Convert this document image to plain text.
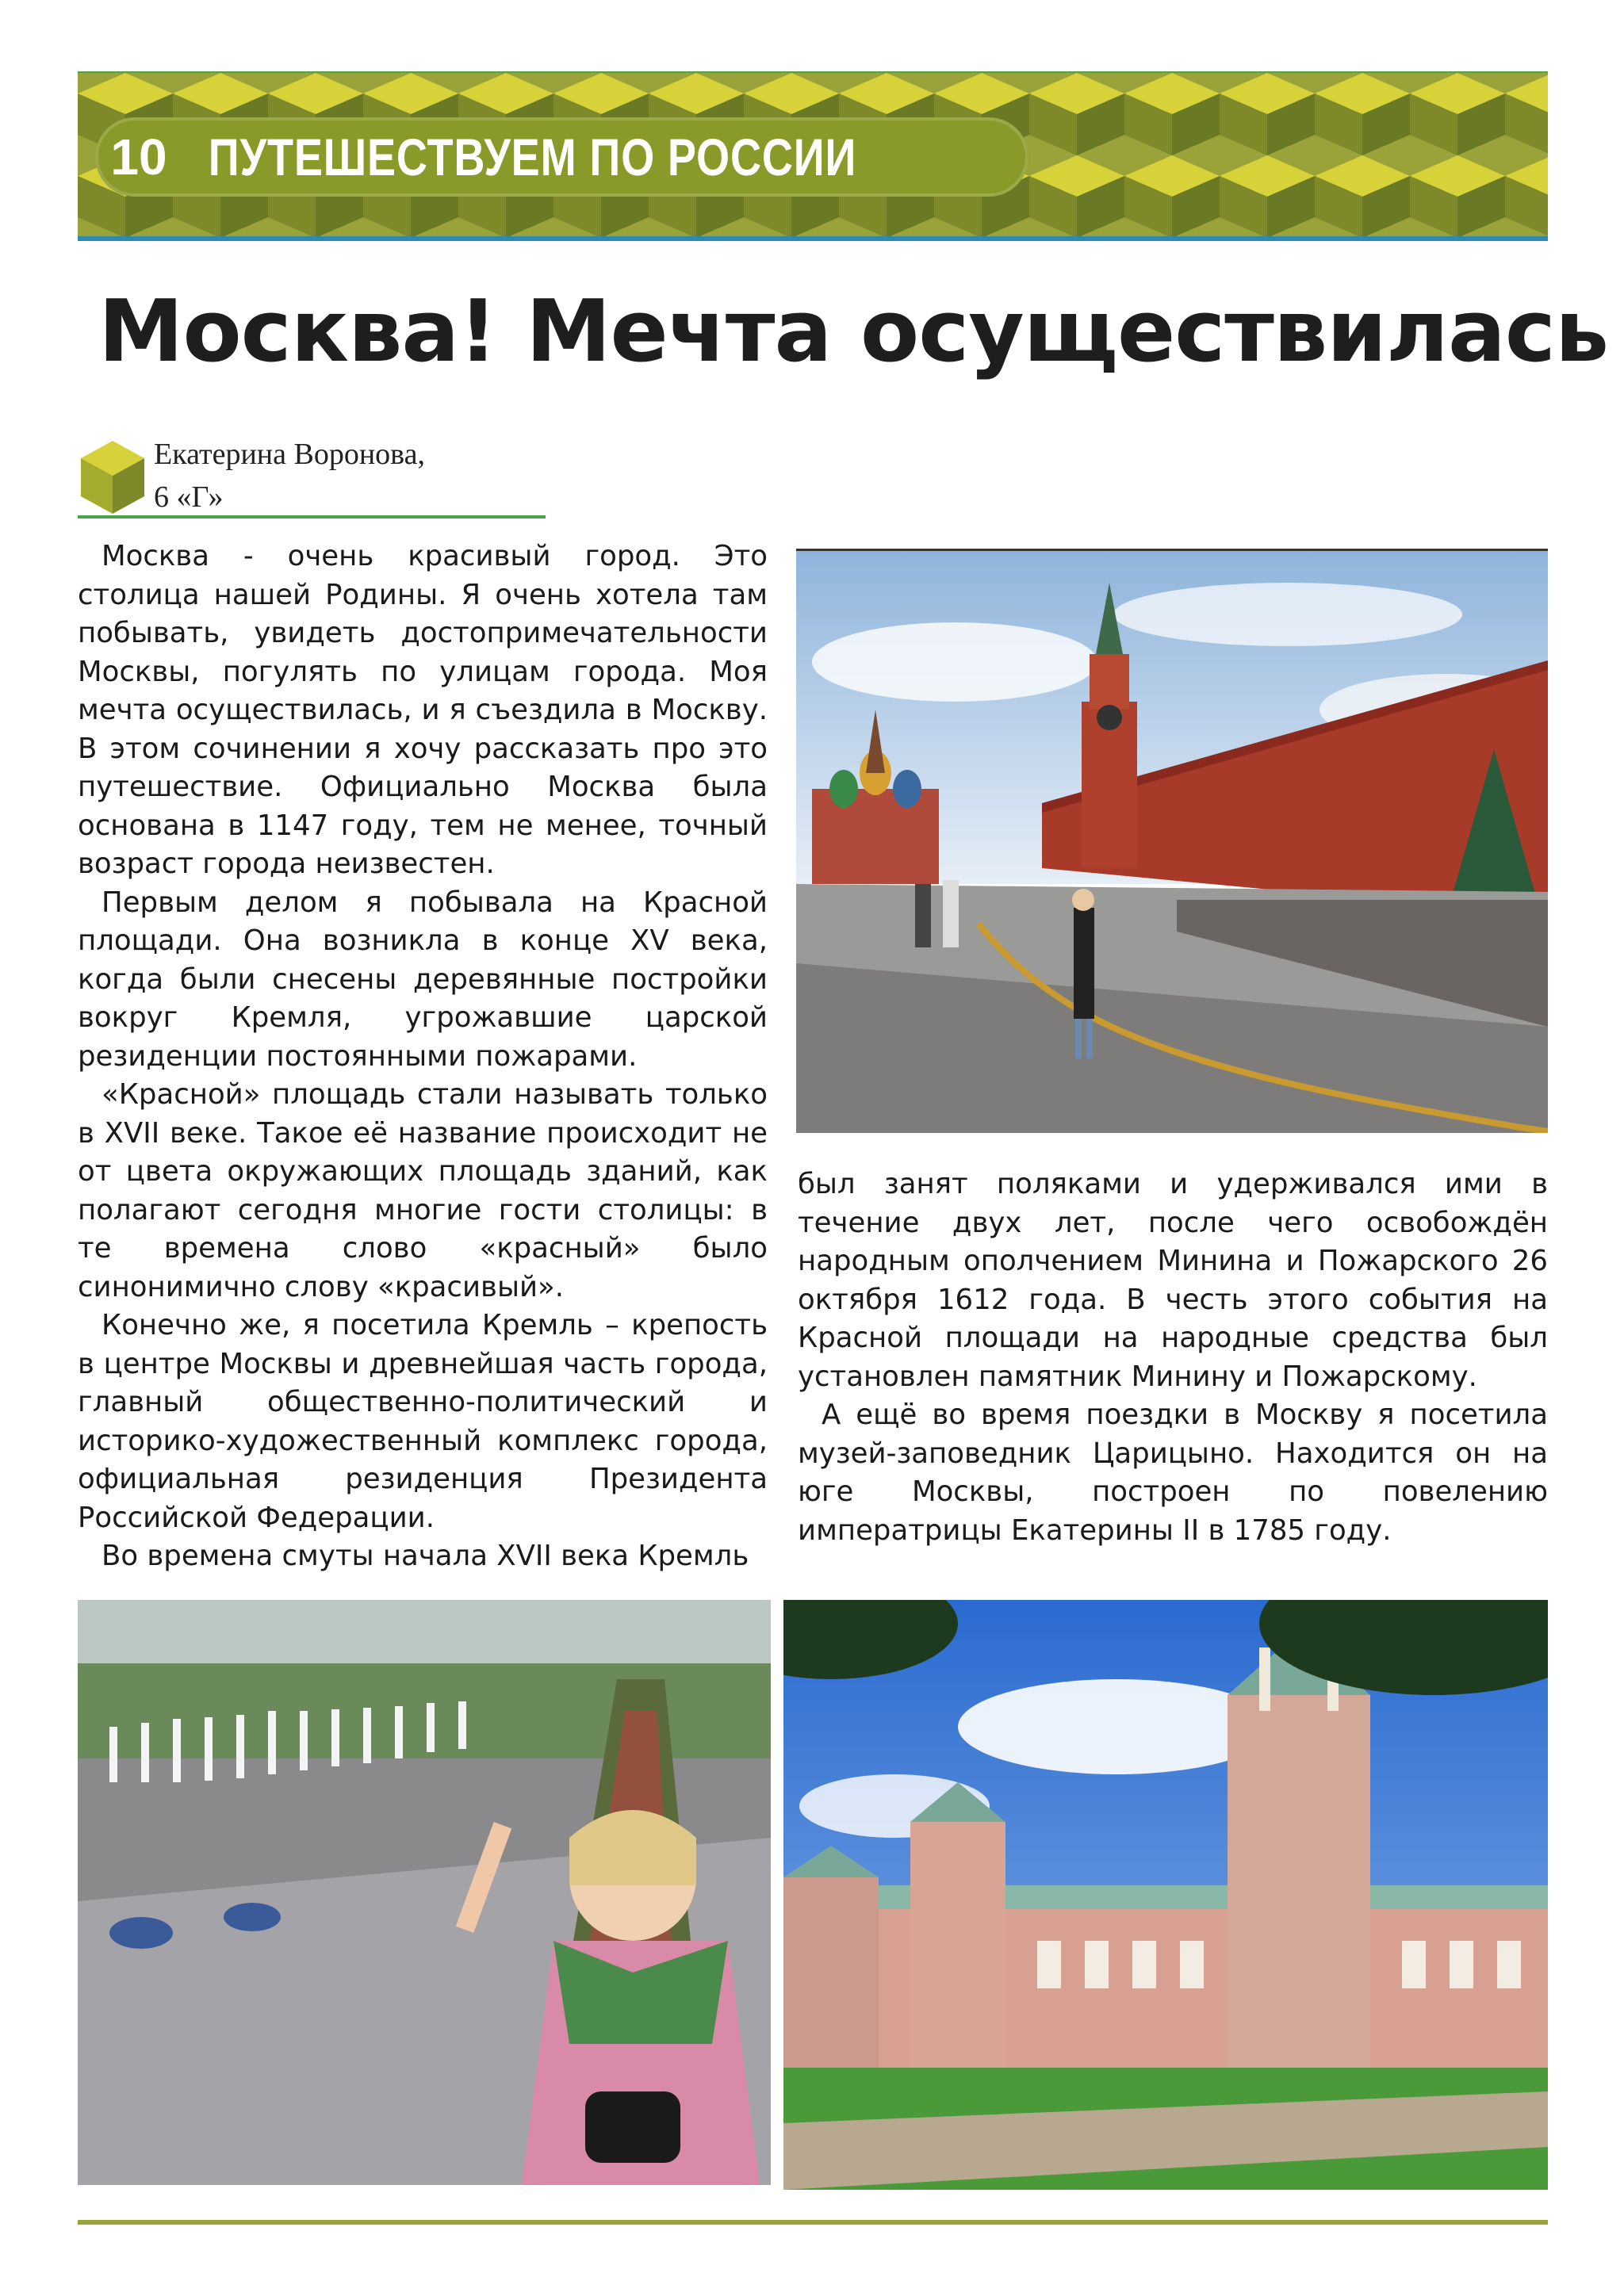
10 ПУТЕШЕСТВУЕМ ПО РОССИИ
Москва! Мечта осуществилась
Екатерина Воронова,
6 «Г»

Москва - очень красивый город. Это столица нашей Родины. Я очень хотела там побывать, увидеть достопримечательности Москвы, погулять по улицам города. Моя мечта осуществилась, и я съездила в Москву. В этом сочинении я хочу рассказать про это путешествие. Официально Москва была основана в 1147 году, тем не менее, точный возраст города неизвестен.

Первым делом я побывала на Красной площади. Она возникла в конце XV века, когда были снесены деревянные постройки вокруг Кремля, угрожавшие царской резиденции постоянными пожарами.

«Красной» площадь стали называть только в XVII веке. Такое её название происходит не от цвета окружающих площадь зданий, как полагают сегодня многие гости столицы: в те времена слово «красный» было синонимично слову «красивый».

Конечно же, я посетила Кремль – крепость в центре Москвы и древнейшая часть города, главный общественно-политический и историко-художественный комплекс города, официальная резиденция Президента Российской Федерации.

Во времена смуты начала XVII века Кремль

был занят поляками и удерживался ими в течение двух лет, после чего освобождён народным ополчением Минина и Пожарского 26 октября 1612 года. В честь этого события на Красной площади на народные средства был установлен памятник Минину и Пожарскому.

А ещё во время поездки в Москву я посетила музей-заповедник Царицыно. Находится он на юге Москвы, построен по повелению императрицы Екатерины II в 1785 году.
